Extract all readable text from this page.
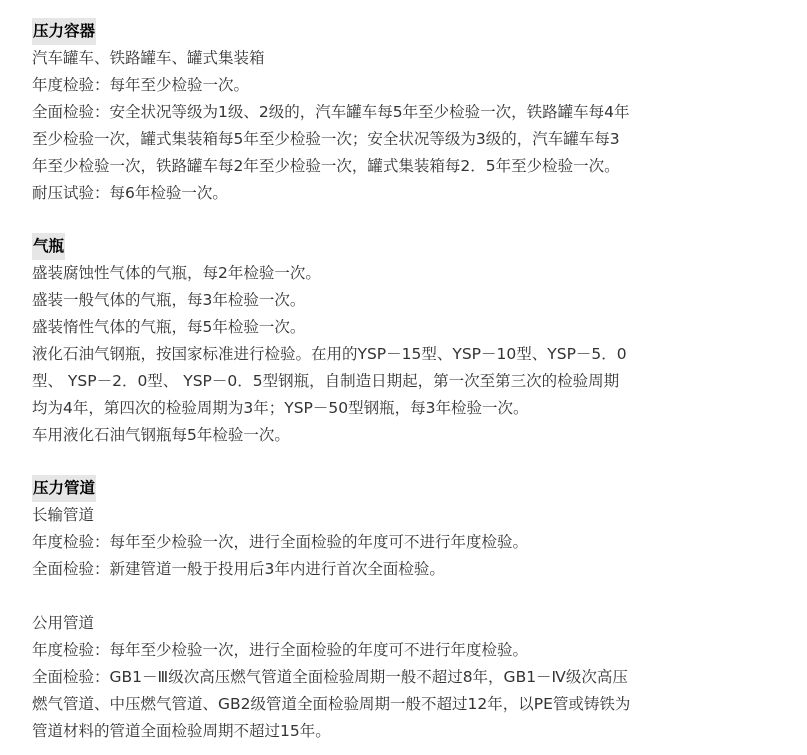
压力容器

汽车罐车、铁路罐车、罐式集装箱

年度检验：每年至少检验一次。

全面检验：安全状况等级为1级、2级的，汽车罐车每5年至少检验一次，铁路罐车每4年

至少检验一次，罐式集装箱每5年至少检验一次；安全状况等级为3级的，汽车罐车每3

年至少检验一次，铁路罐车每2年至少检验一次，罐式集装箱每2．5年至少检验一次。

耐压试验：每6年检验一次。

气瓶

盛装腐蚀性气体的气瓶，每2年检验一次。

盛装一般气体的气瓶，每3年检验一次。

盛装惰性气体的气瓶，每5年检验一次。

液化石油气钢瓶，按国家标准进行检验。在用的YSP－15型、YSP－10型、YSP－5．0

型、 YSP－2．0型、 YSP－0．5型钢瓶，自制造日期起，第一次至第三次的检验周期

均为4年，第四次的检验周期为3年；YSP－50型钢瓶，每3年检验一次。

车用液化石油气钢瓶每5年检验一次。

压力管道

长输管道

年度检验：每年至少检验一次，进行全面检验的年度可不进行年度检验。

全面检验：新建管道一般于投用后3年内进行首次全面检验。

公用管道

年度检验：每年至少检验一次，进行全面检验的年度可不进行年度检验。

全面检验：GB1－Ⅲ级次高压燃气管道全面检验周期一般不超过8年，GB1－Ⅳ级次高压

燃气管道、中压燃气管道、GB2级管道全面检验周期一般不超过12年，以PE管或铸铁为

管道材料的管道全面检验周期不超过15年。
